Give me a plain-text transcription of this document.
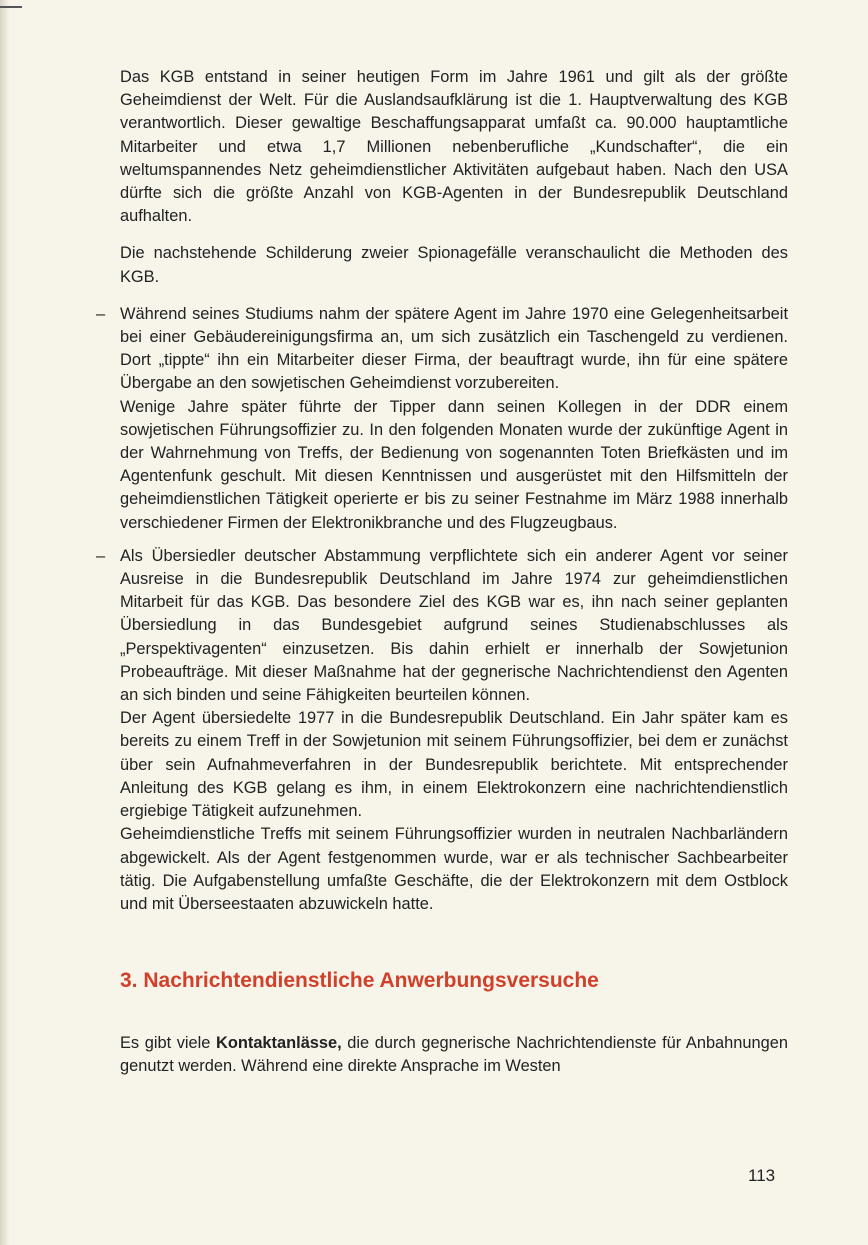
Das KGB entstand in seiner heutigen Form im Jahre 1961 und gilt als der größte Geheimdienst der Welt. Für die Auslandsaufklärung ist die 1. Hauptverwaltung des KGB verantwortlich. Dieser gewaltige Beschaffungsapparat umfaßt ca. 90.000 hauptamtliche Mitarbeiter und etwa 1,7 Millionen nebenberufliche „Kundschafter“, die ein weltumspannendes Netz geheimdienstlicher Aktivitäten aufgebaut haben. Nach den USA dürfte sich die größte Anzahl von KGB-Agenten in der Bundesrepublik Deutschland aufhalten.

Die nachstehende Schilderung zweier Spionagefälle veranschaulicht die Methoden des KGB.

– Während seines Studiums nahm der spätere Agent im Jahre 1970 eine Gelegenheitsarbeit bei einer Gebäudereinigungsfirma an, um sich zusätzlich ein Taschengeld zu verdienen. Dort „tippte“ ihn ein Mitarbeiter dieser Firma, der beauftragt wurde, ihn für eine spätere Übergabe an den sowjetischen Geheimdienst vorzubereiten.

Wenige Jahre später führte der Tipper dann seinen Kollegen in der DDR einem sowjetischen Führungsoffizier zu. In den folgenden Monaten wurde der zukünftige Agent in der Wahrnehmung von Treffs, der Bedienung von sogenannten Toten Briefkästen und im Agentenfunk geschult. Mit diesen Kenntnissen und ausgerüstet mit den Hilfsmitteln der geheimdienstlichen Tätigkeit operierte er bis zu seiner Festnahme im März 1988 innerhalb verschiedener Firmen der Elektronikbranche und des Flugzeugbaus.

– Als Übersiedler deutscher Abstammung verpflichtete sich ein anderer Agent vor seiner Ausreise in die Bundesrepublik Deutschland im Jahre 1974 zur geheimdienstlichen Mitarbeit für das KGB. Das besondere Ziel des KGB war es, ihn nach seiner geplanten Übersiedlung in das Bundesgebiet aufgrund seines Studienabschlusses als „Perspektivagenten“ einzusetzen. Bis dahin erhielt er innerhalb der Sowjetunion Probeaufträge. Mit dieser Maßnahme hat der gegnerische Nachrichtendienst den Agenten an sich binden und seine Fähigkeiten beurteilen können.

Der Agent übersiedelte 1977 in die Bundesrepublik Deutschland. Ein Jahr später kam es bereits zu einem Treff in der Sowjetunion mit seinem Führungsoffizier, bei dem er zunächst über sein Aufnahmeverfahren in der Bundesrepublik berichtete. Mit entsprechender Anleitung des KGB gelang es ihm, in einem Elektrokonzern eine nachrichtendienstlich ergiebige Tätigkeit aufzunehmen.

Geheimdienstliche Treffs mit seinem Führungsoffizier wurden in neutralen Nachbarländern abgewickelt. Als der Agent festgenommen wurde, war er als technischer Sachbearbeiter tätig. Die Aufgabenstellung umfaßte Geschäfte, die der Elektrokonzern mit dem Ostblock und mit Überseestaaten abzuwickeln hatte.

3. Nachrichtendienstliche Anwerbungsversuche

Es gibt viele Kontaktanlässe, die durch gegnerische Nachrichtendienste für Anbahnungen genutzt werden. Während eine direkte Ansprache im Westen

113
